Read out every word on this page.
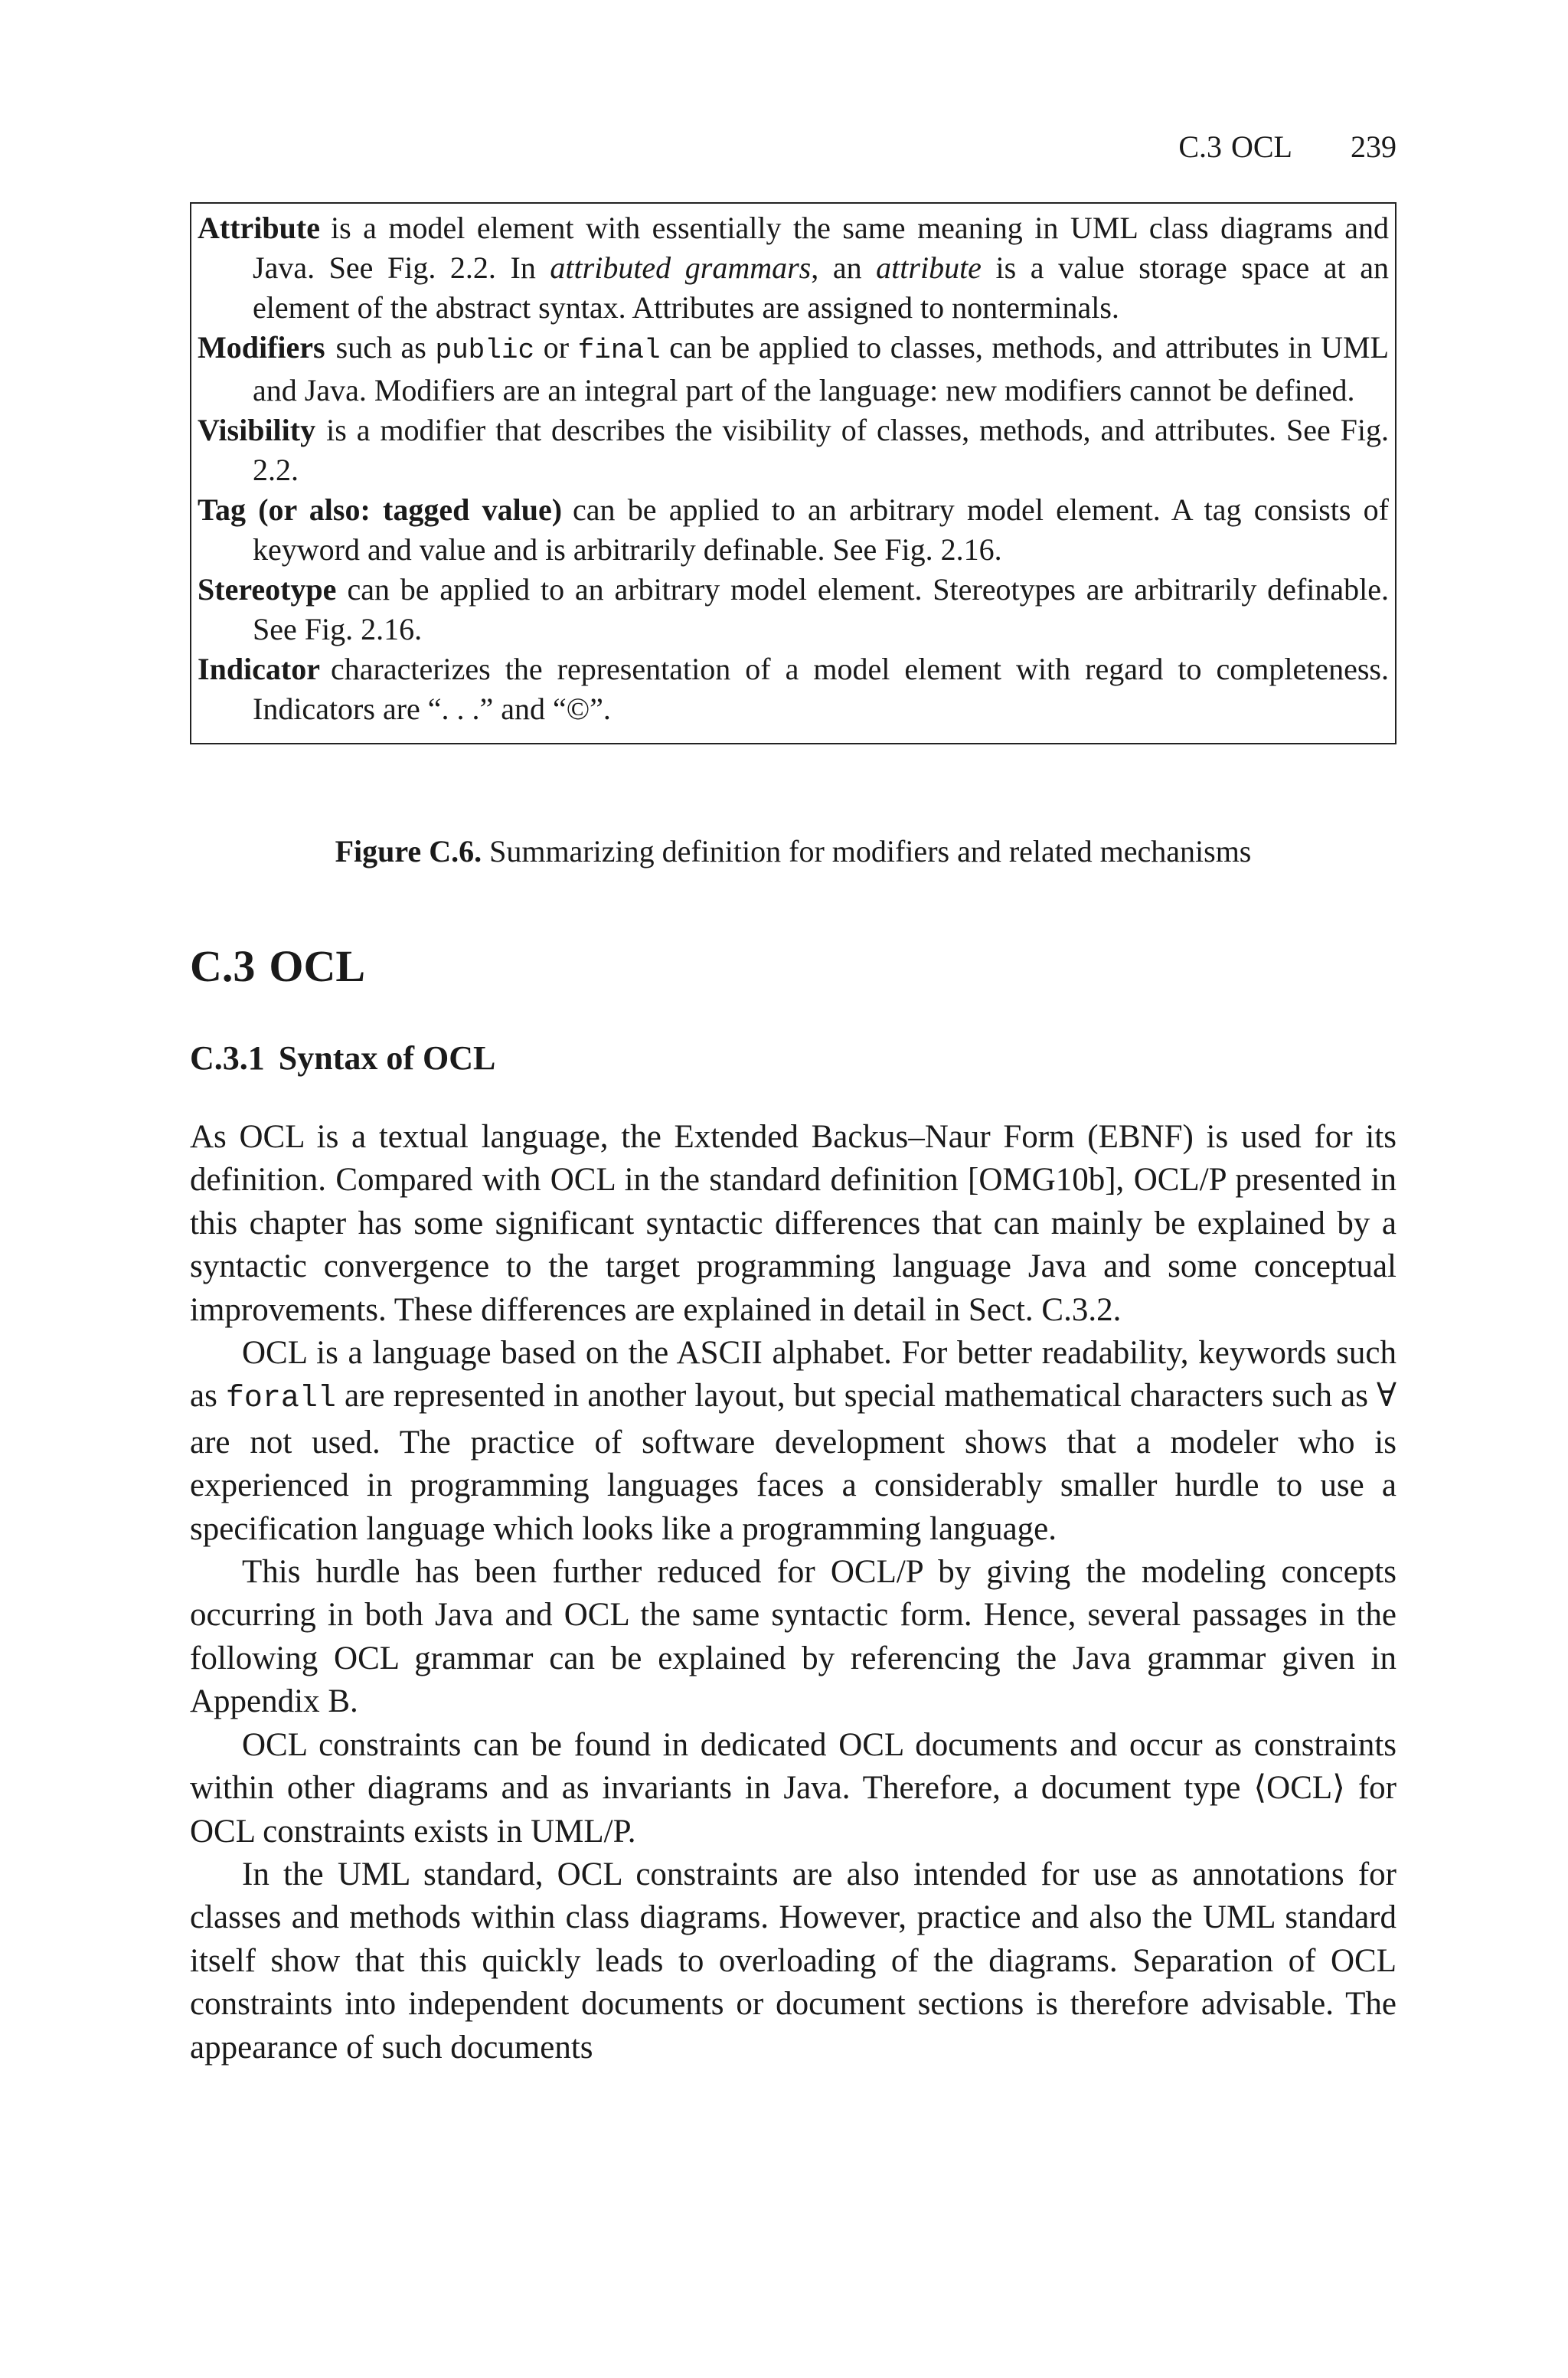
C.3 OCL 239
Attribute is a model element with essentially the same meaning in UML class diagrams and Java. See Fig. 2.2. In attributed grammars, an attribute is a value storage space at an element of the abstract syntax. Attributes are assigned to nonterminals.
Modifiers such as public or final can be applied to classes, methods, and attributes in UML and Java. Modifiers are an integral part of the language: new modifiers cannot be defined.
Visibility is a modifier that describes the visibility of classes, methods, and attributes. See Fig. 2.2.
Tag (or also: tagged value) can be applied to an arbitrary model element. A tag consists of keyword and value and is arbitrarily definable. See Fig. 2.16.
Stereotype can be applied to an arbitrary model element. Stereotypes are arbitrarily definable. See Fig. 2.16.
Indicator characterizes the representation of a model element with regard to completeness. Indicators are “. . .” and “©”.
Figure C.6. Summarizing definition for modifiers and related mechanisms
C.3 OCL
C.3.1 Syntax of OCL

As OCL is a textual language, the Extended Backus–Naur Form (EBNF) is used for its definition. Compared with OCL in the standard definition [OMG10b], OCL/P presented in this chapter has some significant syntactic differences that can mainly be explained by a syntactic convergence to the target programming language Java and some conceptual improvements. These differences are explained in detail in Sect. C.3.2.

OCL is a language based on the ASCII alphabet. For better readability, keywords such as forall are represented in another layout, but special mathematical characters such as ∀ are not used. The practice of software development shows that a modeler who is experienced in programming languages faces a considerably smaller hurdle to use a specification language which looks like a programming language.

This hurdle has been further reduced for OCL/P by giving the modeling concepts occurring in both Java and OCL the same syntactic form. Hence, several passages in the following OCL grammar can be explained by referencing the Java grammar given in Appendix B.

OCL constraints can be found in dedicated OCL documents and occur as constraints within other diagrams and as invariants in Java. Therefore, a document type ⟨OCL⟩ for OCL constraints exists in UML/P.

In the UML standard, OCL constraints are also intended for use as annotations for classes and methods within class diagrams. However, practice and also the UML standard itself show that this quickly leads to overloading of the diagrams. Separation of OCL constraints into independent documents or document sections is therefore advisable. The appearance of such documents
